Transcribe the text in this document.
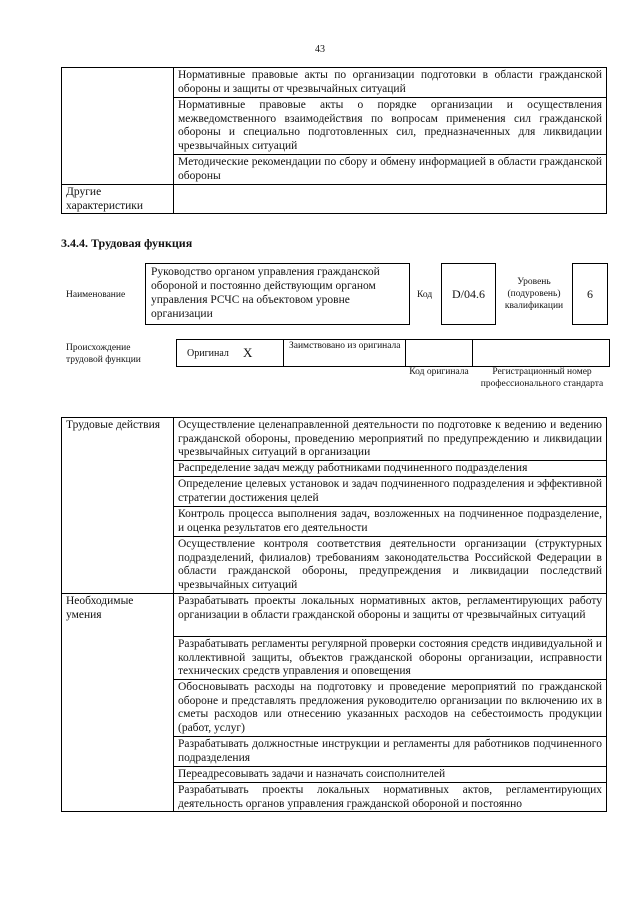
43
	Нормативные правовые акты по организации подготовки в области гражданской обороны и защиты от чрезвычайных ситуаций
	Нормативные правовые акты о порядке организации и осуществления межведомственного взаимодействия по вопросам применения сил гражданской обороны и специально подготовленных сил, предназначенных для ликвидации чрезвычайных ситуаций
	Методические рекомендации по сбору и обмену информацией в области гражданской обороны
Другие характеристики	
3.4.4. Трудовая функция
Наименование
Руководство органом управления гражданской обороной и постоянно действующим органом управления РСЧС на объектовом уровне организации
Код	D/04.6
Уровень (подуровень) квалификации
6
Происхождение трудовой функции
Оригинал X	Заимствовано из оригинала
Код оригинала	Регистрационный номер профессионального стандарта
Трудовые действия	Осуществление целенаправленной деятельности по подготовке к ведению и ведению гражданской обороны, проведению мероприятий по предупреждению и ликвидации чрезвычайных ситуаций в организации
	Распределение задач между работниками подчиненного подразделения
	Определение целевых установок и задач подчиненного подразделения и эффективной стратегии достижения целей
	Контроль процесса выполнения задач, возложенных на подчиненное подразделение, и оценка результатов его деятельности
	Осуществление контроля соответствия деятельности организации (структурных подразделений, филиалов) требованиям законодательства Российской Федерации в области гражданской обороны, предупреждения и ликвидации последствий чрезвычайных ситуаций
Необходимые умения	Разрабатывать проекты локальных нормативных актов, регламентирующих работу организации в области гражданской обороны и защиты от чрезвычайных ситуаций
	Разрабатывать регламенты регулярной проверки состояния средств индивидуальной и коллективной защиты, объектов гражданской обороны организации, исправности технических средств управления и оповещения
	Обосновывать расходы на подготовку и проведение мероприятий по гражданской обороне и представлять предложения руководителю организации по включению их в сметы расходов или отнесению указанных расходов на себестоимость продукции (работ, услуг)
	Разрабатывать должностные инструкции и регламенты для работников подчиненного подразделения
	Переадресовывать задачи и назначать соисполнителей
	Разрабатывать проекты локальных нормативных актов, регламентирующих деятельность органов управления гражданской обороной и постоянно
